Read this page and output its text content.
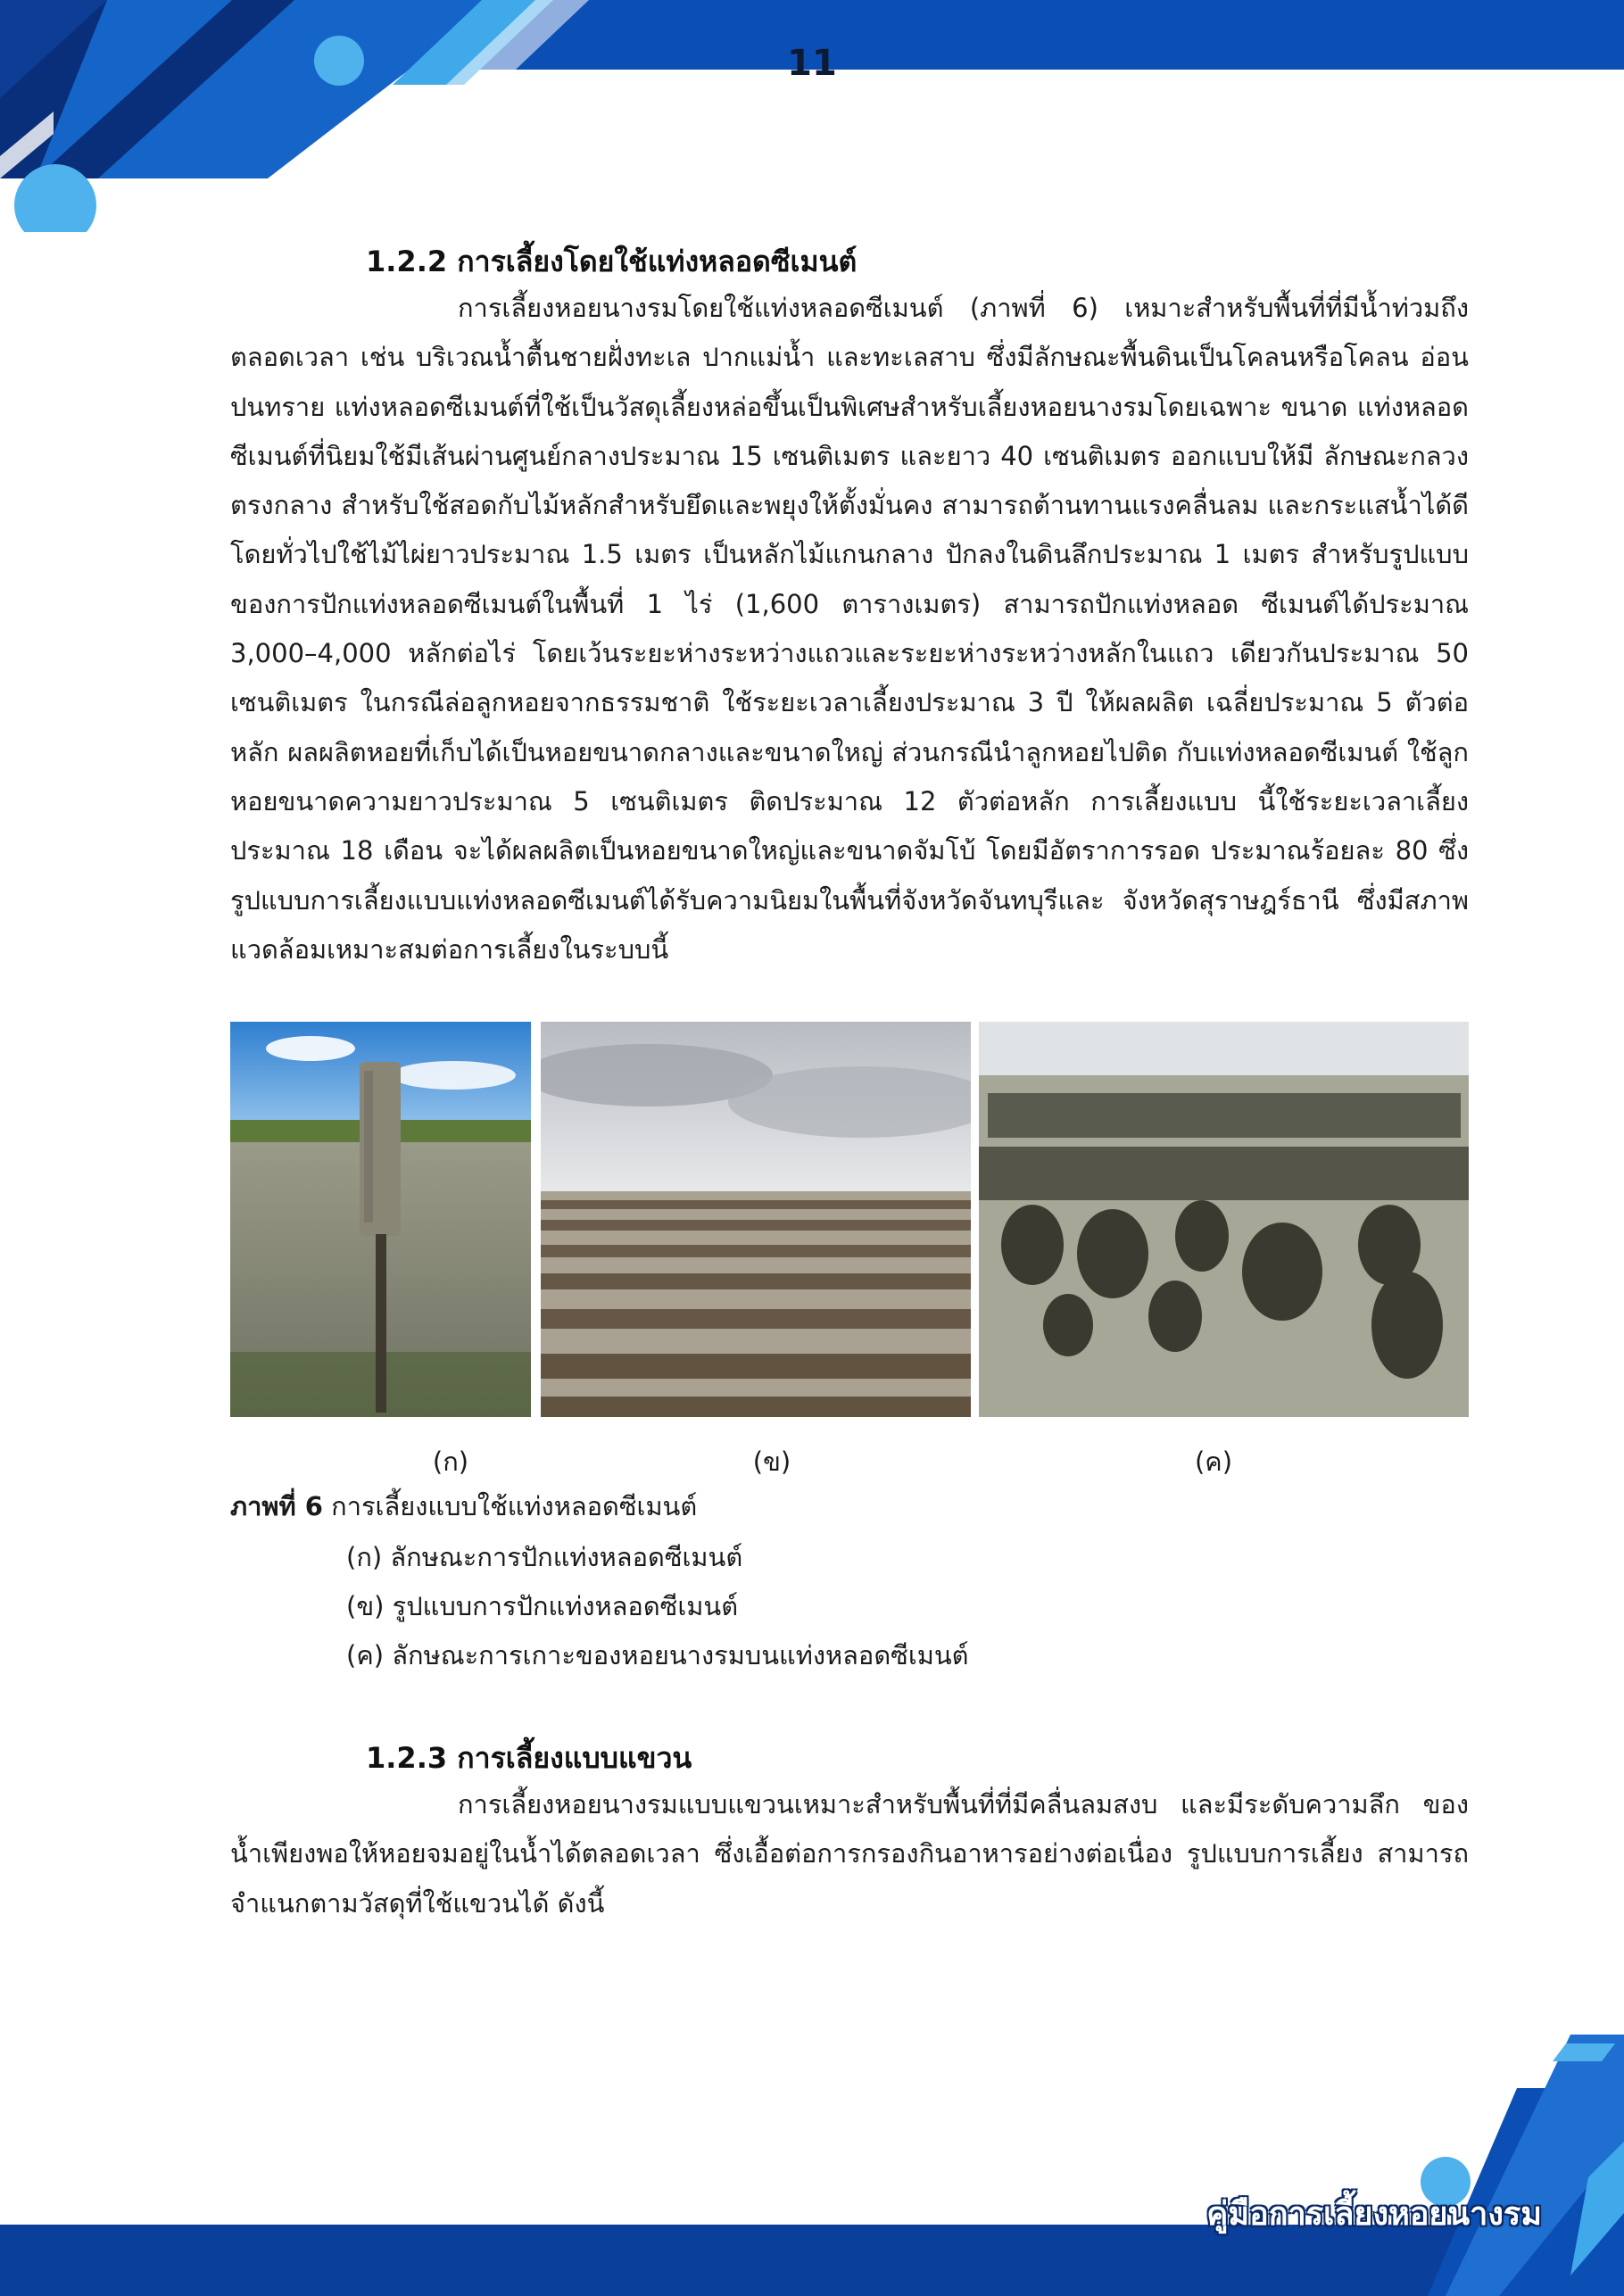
11
1.2.2 การเลี้ยงโดยใช้แท่งหลอดซีเมนต์

การเลี้ยงหอยนางรมโดยใช้แท่งหลอดซีเมนต์ (ภาพที่ 6) เหมาะสำหรับพื้นที่ที่มีน้ำท่วมถึง ตลอดเวลา เช่น บริเวณน้ำตื้นชายฝั่งทะเล ปากแม่น้ำ และทะเลสาบ ซึ่งมีลักษณะพื้นดินเป็นโคลนหรือโคลน อ่อนปนทราย แท่งหลอดซีเมนต์ที่ใช้เป็นวัสดุเลี้ยงหล่อขึ้นเป็นพิเศษสำหรับเลี้ยงหอยนางรมโดยเฉพาะ ขนาด แท่งหลอดซีเมนต์ที่นิยมใช้มีเส้นผ่านศูนย์กลางประมาณ 15 เซนติเมตร และยาว 40 เซนติเมตร ออกแบบให้มี ลักษณะกลวงตรงกลาง สำหรับใช้สอดกับไม้หลักสำหรับยึดและพยุงให้ตั้งมั่นคง สามารถต้านทานแรงคลื่นลม และกระแสน้ำได้ดี โดยทั่วไปใช้ไม้ไผ่ยาวประมาณ 1.5 เมตร เป็นหลักไม้แกนกลาง ปักลงในดินลึกประมาณ 1 เมตร สำหรับรูปแบบของการปักแท่งหลอดซีเมนต์ในพื้นที่ 1 ไร่ (1,600 ตารางเมตร) สามารถปักแท่งหลอด ซีเมนต์ได้ประมาณ 3,000–4,000 หลักต่อไร่ โดยเว้นระยะห่างระหว่างแถวและระยะห่างระหว่างหลักในแถว เดียวกันประมาณ 50 เซนติเมตร ในกรณีล่อลูกหอยจากธรรมชาติ ใช้ระยะเวลาเลี้ยงประมาณ 3 ปี ให้ผลผลิต เฉลี่ยประมาณ 5 ตัวต่อหลัก ผลผลิตหอยที่เก็บได้เป็นหอยขนาดกลางและขนาดใหญ่ ส่วนกรณีนำลูกหอยไปติด กับแท่งหลอดซีเมนต์ ใช้ลูกหอยขนาดความยาวประมาณ 5 เซนติเมตร ติดประมาณ 12 ตัวต่อหลัก การเลี้ยงแบบ นี้ใช้ระยะเวลาเลี้ยงประมาณ 18 เดือน จะได้ผลผลิตเป็นหอยขนาดใหญ่และขนาดจัมโบ้ โดยมีอัตราการรอด ประมาณร้อยละ 80 ซึ่งรูปแบบการเลี้ยงแบบแท่งหลอดซีเมนต์ได้รับความนิยมในพื้นที่จังหวัดจันทบุรีและ จังหวัดสุราษฎร์ธานี ซึ่งมีสภาพแวดล้อมเหมาะสมต่อการเลี้ยงในระบบนี้

(ก)	(ข)	(ค)
ภาพที่ 6 การเลี้ยงแบบใช้แท่งหลอดซีเมนต์
(ก) ลักษณะการปักแท่งหลอดซีเมนต์
(ข) รูปแบบการปักแท่งหลอดซีเมนต์
(ค) ลักษณะการเกาะของหอยนางรมบนแท่งหลอดซีเมนต์
1.2.3 การเลี้ยงแบบแขวน

การเลี้ยงหอยนางรมแบบแขวนเหมาะสำหรับพื้นที่ที่มีคลื่นลมสงบ และมีระดับความลึก ของน้ำเพียงพอให้หอยจมอยู่ในน้ำได้ตลอดเวลา ซึ่งเอื้อต่อการกรองกินอาหารอย่างต่อเนื่อง รูปแบบการเลี้ยง สามารถจำแนกตามวัสดุที่ใช้แขวนได้ ดังนี้

คู่มือการเลี้ยงหอยนางรม
